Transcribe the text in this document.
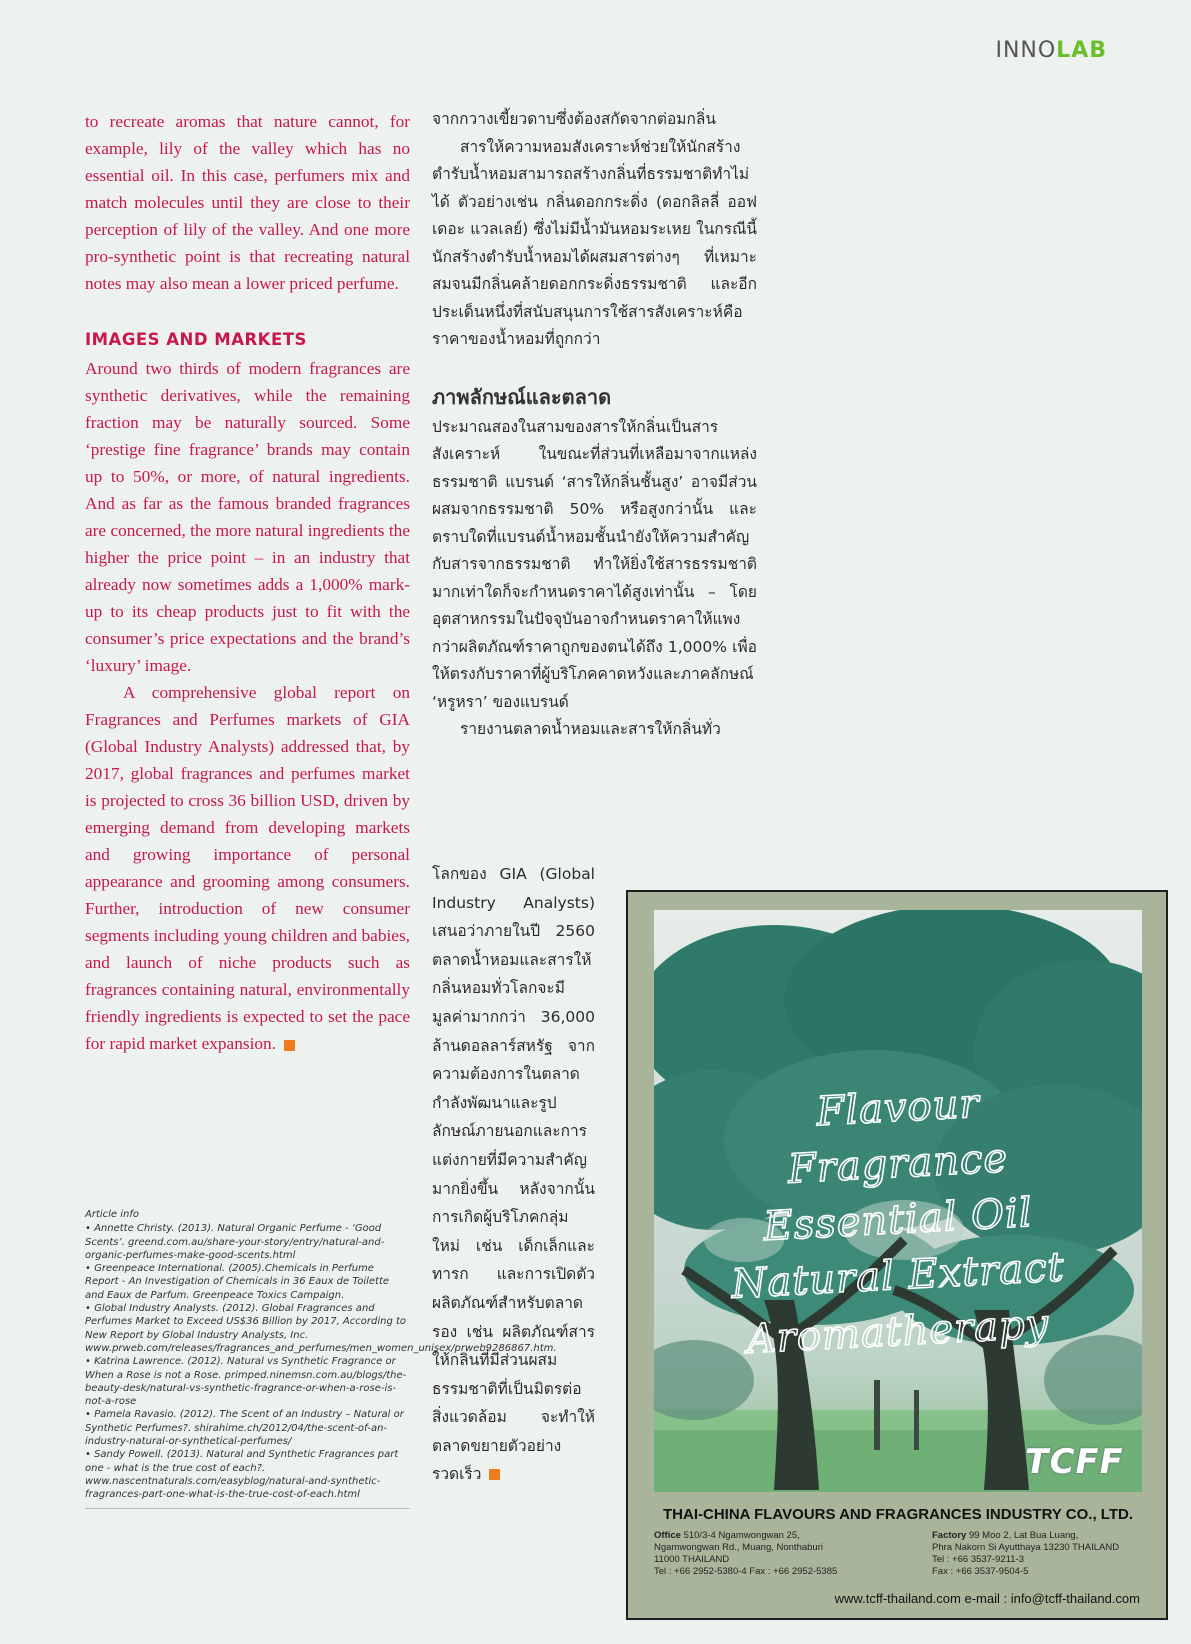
INNOLAB

to recreate aromas that nature cannot, for example, lily of the valley which has no essential oil. In this case, perfumers mix and match molecules until they are close to their perception of lily of the valley. And one more pro-synthetic point is that recreating natural notes may also mean a lower priced perfume.

IMAGES AND MARKETS

Around two thirds of modern fragrances are synthetic derivatives, while the remaining fraction may be naturally sourced. Some ‘prestige fine fragrance’ brands may contain up to 50%, or more, of natural ingredients. And as far as the famous branded fragrances are concerned, the more natural ingredients the higher the price point – in an industry that already now sometimes adds a 1,000% mark-up to its cheap products just to fit with the consumer’s price expectations and the brand’s ‘luxury’ image.

A comprehensive global report on Fragrances and Perfumes markets of GIA (Global Industry Analysts) addressed that, by 2017, global fragrances and perfumes market is projected to cross 36 billion USD, driven by emerging demand from developing markets and growing importance of personal appearance and grooming among consumers. Further, introduction of new consumer segments including young children and babies, and launch of niche products such as fragrances containing natural, environmentally friendly ingredients is expected to set the pace for rapid market expansion.

Article info
• Annette Christy. (2013). Natural Organic Perfume - ‘Good Scents’. greend.com.au/share-your-story/entry/natural-and-organic-perfumes-make-good-scents.html
• Greenpeace International. (2005).Chemicals in Perfume Report - An Investigation of Chemicals in 36 Eaux de Toilette and Eaux de Parfum. Greenpeace Toxics Campaign.
• Global Industry Analysts. (2012). Global Fragrances and Perfumes Market to Exceed US$36 Billion by 2017, According to New Report by Global Industry Analysts, Inc. www.prweb.com/releases/fragrances_and_perfumes/men_women_unisex/prweb9286867.htm.
• Katrina Lawrence. (2012). Natural vs Synthetic Fragrance or When a Rose is not a Rose. primped.ninemsn.com.au/blogs/the-beauty-desk/natural-vs-synthetic-fragrance-or-when-a-rose-is-not-a-rose
• Pamela Ravasio. (2012). The Scent of an Industry – Natural or Synthetic Perfumes?. shirahime.ch/2012/04/the-scent-of-an-industry-natural-or-synthetical-perfumes/
• Sandy Powell. (2013). Natural and Synthetic Fragrances part one - what is the true cost of each?. www.nascentnaturals.com/easyblog/natural-and-synthetic-fragrances-part-one-what-is-the-true-cost-of-each.html

จากกวางเขี้ยวดาบซึ่งต้องสกัดจากต่อมกลิ่น

สารให้ความหอมสังเคราะห์ช่วยให้นักสร้างตำรับน้ำหอมสามารถสร้างกลิ่นที่ธรรมชาติทำไม่ได้ ตัวอย่างเช่น กลิ่นดอกกระดิ่ง (ดอกลิลลี่ ออฟ เดอะ แวลเลย์) ซึ่งไม่มีน้ำมันหอมระเหย ในกรณีนี้ นักสร้างตำรับน้ำหอมได้ผสมสารต่างๆ ที่เหมาะสมจนมีกลิ่นคล้ายดอกกระดิ่งธรรมชาติ และอีกประเด็นหนึ่งที่สนับสนุนการใช้สารสังเคราะห์คือราคาของน้ำหอมที่ถูกกว่า

ภาพลักษณ์และตลาด

ประมาณสองในสามของสารให้กลิ่นเป็นสารสังเคราะห์ ในขณะที่ส่วนที่เหลือมาจากแหล่งธรรมชาติ แบรนด์ ‘สารให้กลิ่นชั้นสูง’ อาจมีส่วนผสมจากธรรมชาติ 50% หรือสูงกว่านั้น และตราบใดที่แบรนด์น้ำหอมชั้นนำยังให้ความสำคัญกับสารจากธรรมชาติ ทำให้ยิ่งใช้สารธรรมชาติมากเท่าใดก็จะกำหนดราคาได้สูงเท่านั้น – โดยอุตสาหกรรมในปัจจุบันอาจกำหนดราคาให้แพงกว่าผลิตภัณฑ์ราคาถูกของตนได้ถึง 1,000% เพื่อให้ตรงกับราคาที่ผู้บริโภคคาดหวังและภาคลักษณ์ ‘หรูหรา’ ของแบรนด์

รายงานตลาดน้ำหอมและสารให้กลิ่นทั่ว

โลกของ GIA (Global Industry Analysts) เสนอว่าภายในปี 2560 ตลาดน้ำหอมและสารให้กลิ่นหอมทั่วโลกจะมีมูลค่ามากกว่า 36,000 ล้านดอลลาร์สหรัฐ จากความต้องการในตลาดกำลังพัฒนาและรูปลักษณ์ภายนอกและการแต่งกายที่มีความสำคัญมากยิ่งขึ้น หลังจากนั้นการเกิดผู้บริโภคกลุ่มใหม่ เช่น เด็กเล็กและทารก และการเปิดตัวผลิตภัณฑ์สำหรับตลาดรอง เช่น ผลิตภัณฑ์สารให้กลิ่นที่มีส่วนผสมธรรมชาติที่เป็นมิตรต่อสิ่งแวดล้อม จะทำให้ตลาดขยายตัวอย่างรวดเร็ว

Flavour
Fragrance
Essential Oil
Natural Extract
Aromatherapy
TCFF
THAI-CHINA FLAVOURS AND FRAGRANCES INDUSTRY CO., LTD.
Office 510/3-4 Ngamwongwan 25,
Ngamwongwan Rd., Muang, Nonthaburi
11000 THAILAND
Tel : +66 2952-5380-4 Fax : +66 2952-5385
Factory 99 Moo 2, Lat Bua Luang,
Phra Nakorn Si Ayutthaya 13230 THAILAND
Tel : +66 3537-9211-3
Fax : +66 3537-9504-5
www.tcff-thailand.com e-mail : info@tcff-thailand.com
